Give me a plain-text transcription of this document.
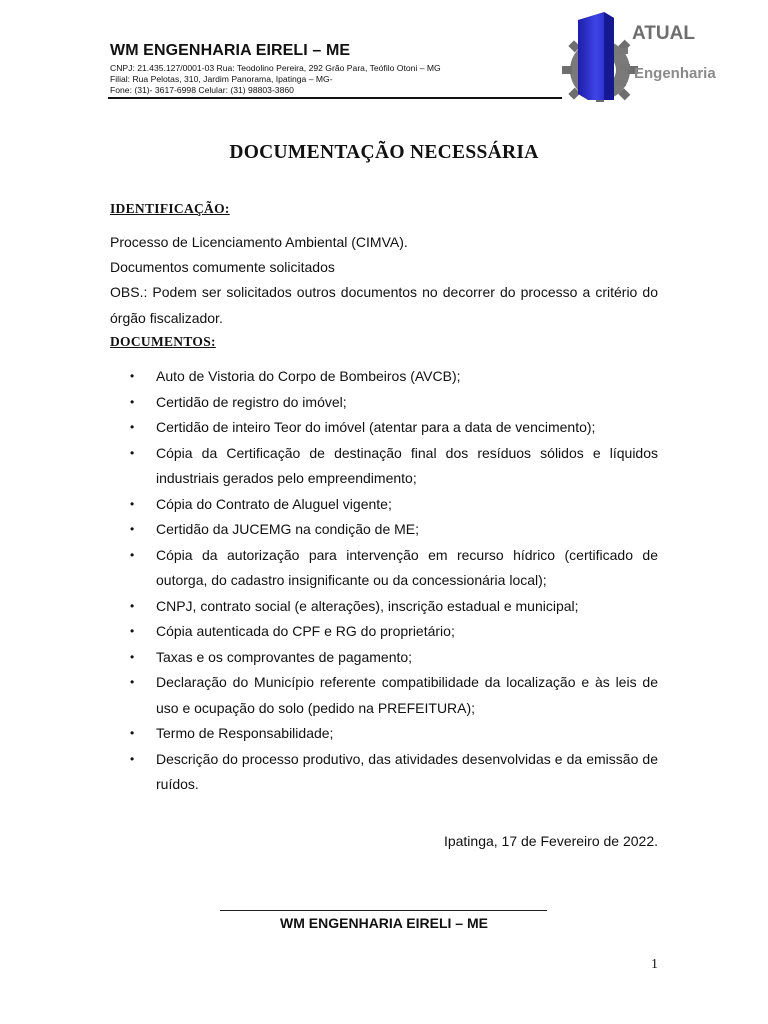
WM ENGENHARIA EIRELI – ME
CNPJ: 21.435.127/0001-03 Rua: Teodolino Pereira, 292 Grão Para, Teófilo Otoni – MG
Filial: Rua Pelotas, 310, Jardim Panorama, Ipatinga – MG-
Fone: (31)- 3617-6998 Celular: (31) 98803-3860
ATUAL
Engenharia
DOCUMENTAÇÃO NECESSÁRIA
IDENTIFICAÇÃO:
Processo de Licenciamento Ambiental (CIMVA).
Documentos comumente solicitados
OBS.: Podem ser solicitados outros documentos no decorrer do processo a critério do órgão fiscalizador.
DOCUMENTOS:
• Auto de Vistoria do Corpo de Bombeiros (AVCB);
• Certidão de registro do imóvel;
• Certidão de inteiro Teor do imóvel (atentar para a data de vencimento);
• Cópia da Certificação de destinação final dos resíduos sólidos e líquidos industriais gerados pelo empreendimento;
• Cópia do Contrato de Aluguel vigente;
• Certidão da JUCEMG na condição de ME;
• Cópia da autorização para intervenção em recurso hídrico (certificado de outorga, do cadastro insignificante ou da concessionária local);
• CNPJ, contrato social (e alterações), inscrição estadual e municipal;
• Cópia autenticada do CPF e RG do proprietário;
• Taxas e os comprovantes de pagamento;
• Declaração do Município referente compatibilidade da localização e às leis de uso e ocupação do solo (pedido na PREFEITURA);
• Termo de Responsabilidade;
• Descrição do processo produtivo, das atividades desenvolvidas e da emissão de ruídos.
Ipatinga, 17 de Fevereiro de 2022.
WM ENGENHARIA EIRELI – ME
1
